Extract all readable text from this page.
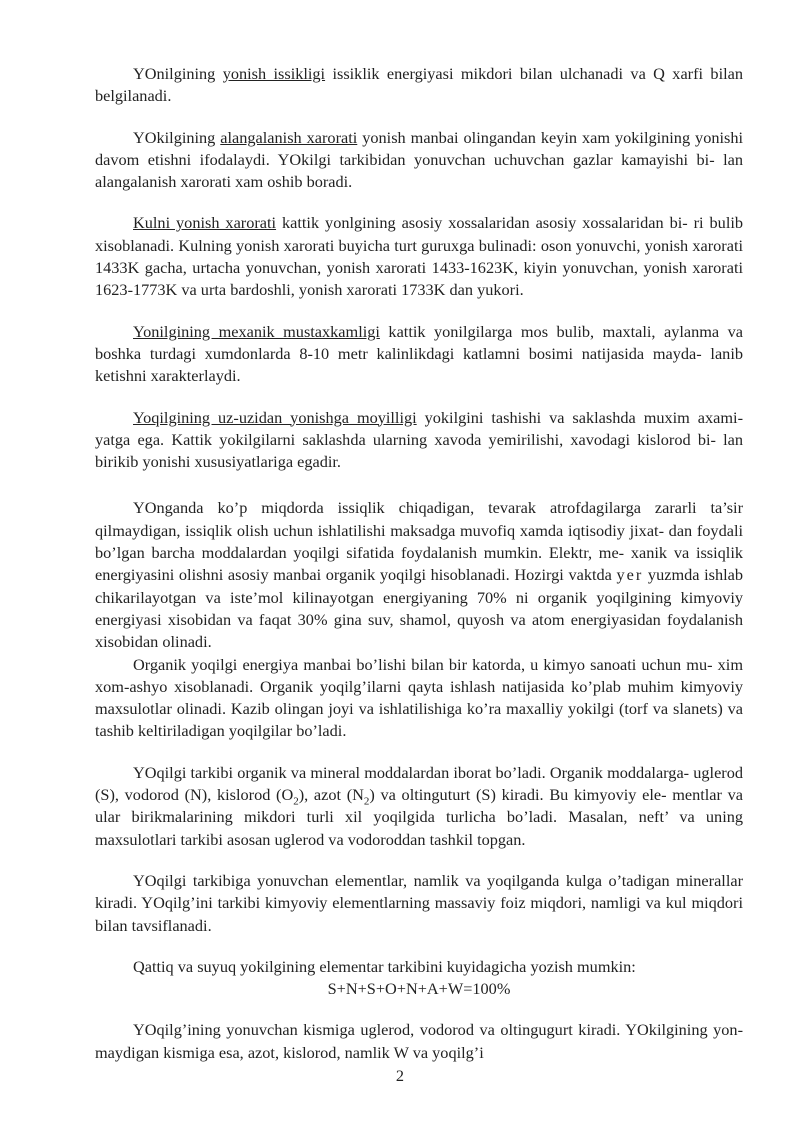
YOnilgining yonish issikligi issiklik energiyasi mikdori bilan ulchanadi va Q xarfi bilan belgilanadi.

YOkilgining alangalanish xarorati yonish manbai olingandan keyin xam yokilgining yonishi davom etishni ifodalaydi. YOkilgi tarkibidan yonuvchan uchuvchan gazlar kamayishi bi- lan alangalanish xarorati xam oshib boradi.

Kulni yonish xarorati kattik yonlgining asosiy xossalaridan asosiy xossalaridan bi- ri bulib xisoblanadi. Kulning yonish xarorati buyicha turt guruxga bulinadi: oson yonuvchi, yonish xarorati 1433K gacha, urtacha yonuvchan, yonish xarorati 1433-1623K, kiyin yonuvchan, yonish xarorati 1623-1773K va urta bardoshli, yonish xarorati 1733K dan yukori.

Yonilgining mexanik mustaxkamligi kattik yonilgilarga mos bulib, maxtali, aylanma va boshka turdagi xumdonlarda 8-10 metr kalinlikdagi katlamni bosimi natijasida mayda- lanib ketishni xarakterlaydi.

Yoqilgining uz-uzidan yonishga moyilligi yokilgini tashishi va saklashda muxim axami- yatga ega. Kattik yokilgilarni saklashda ularning xavoda yemirilishi, xavodagi kislorod bi- lan birikib yonishi xususiyatlariga egadir.

YOnganda ko’p miqdorda issiqlik chiqadigan, tevarak atrofdagilarga zararli ta’sir qilmaydigan, issiqlik olish uchun ishlatilishi maksadga muvofiq xamda iqtisodiy jixat- dan foydali bo’lgan barcha moddalardan yoqilgi sifatida foydalanish mumkin. Elektr, me- xanik va issiqlik energiyasini olishni asosiy manbai organik yoqilgi hisoblanadi. Hozirgi vaktda yer yuzmda ishlab chikarilayotgan va iste’mol kilinayotgan energiyaning 70% ni organik yoqilgining kimyoviy energiyasi xisobidan va faqat 30% gina suv, shamol, quyosh va atom energiyasidan foydalanish xisobidan olinadi.

Organik yoqilgi energiya manbai bo’lishi bilan bir katorda, u kimyo sanoati uchun mu- xim xom-ashyo xisoblanadi. Organik yoqilg’ilarni qayta ishlash natijasida ko’plab muhim kimyoviy maxsulotlar olinadi. Kazib olingan joyi va ishlatilishiga ko’ra maxalliy yokilgi (torf va slanets) va tashib keltiriladigan yoqilgilar bo’ladi.

YOqilgi tarkibi organik va mineral moddalardan iborat bo’ladi. Organik moddalarga- uglerod (S), vodorod (N), kislorod $(O_2)$, azot $(N_2)$ va oltinguturt (S) kiradi. Bu kimyoviy ele- mentlar va ular birikmalarining mikdori turli xil yoqilgida turlicha bo’ladi. Masalan, neft’ va uning maxsulotlari tarkibi asosan uglerod va vodoroddan tashkil topgan.

YOqilgi tarkibiga yonuvchan elementlar, namlik va yoqilganda kulga o’tadigan minerallar kiradi. YOqilg’ini tarkibi kimyoviy elementlarning massaviy foiz miqdori, namligi va kul miqdori bilan tavsiflanadi.

Qattiq va suyuq yokilgining elementar tarkibini kuyidagicha yozish mumkin:

S+N+S+O+N+A+W=100%

YOqilg’ining yonuvchan kismiga uglerod, vodorod va oltingugurt kiradi. YOkilgining yon- maydigan kismiga esa, azot, kislorod, namlik W va yoqilg’i

2
